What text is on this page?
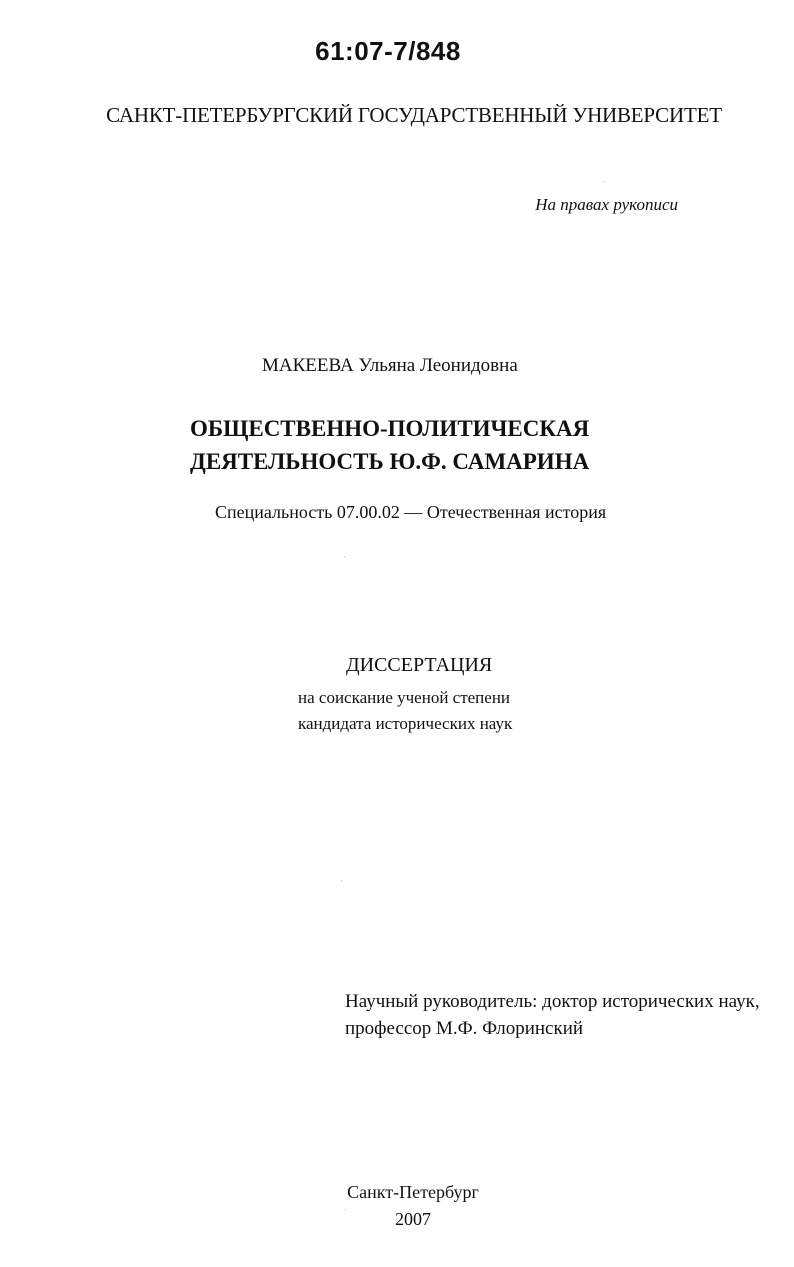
61:07-7/848
САНКТ-ПЕТЕРБУРГСКИЙ ГОСУДАРСТВЕННЫЙ УНИВЕРСИТЕТ
На правах рукописи
МАКЕЕВА Ульяна Леонидовна
ОБЩЕСТВЕННО-ПОЛИТИЧЕСКАЯ
ДЕЯТЕЛЬНОСТЬ Ю.Ф. САМАРИНА
Специальность 07.00.02 — Отечественная история
ДИССЕРТАЦИЯ
на соискание ученой степени
кандидата исторических наук
Научный руководитель: доктор исторических наук,
профессор М.Ф. Флоринский
Санкт-Петербург
2007
